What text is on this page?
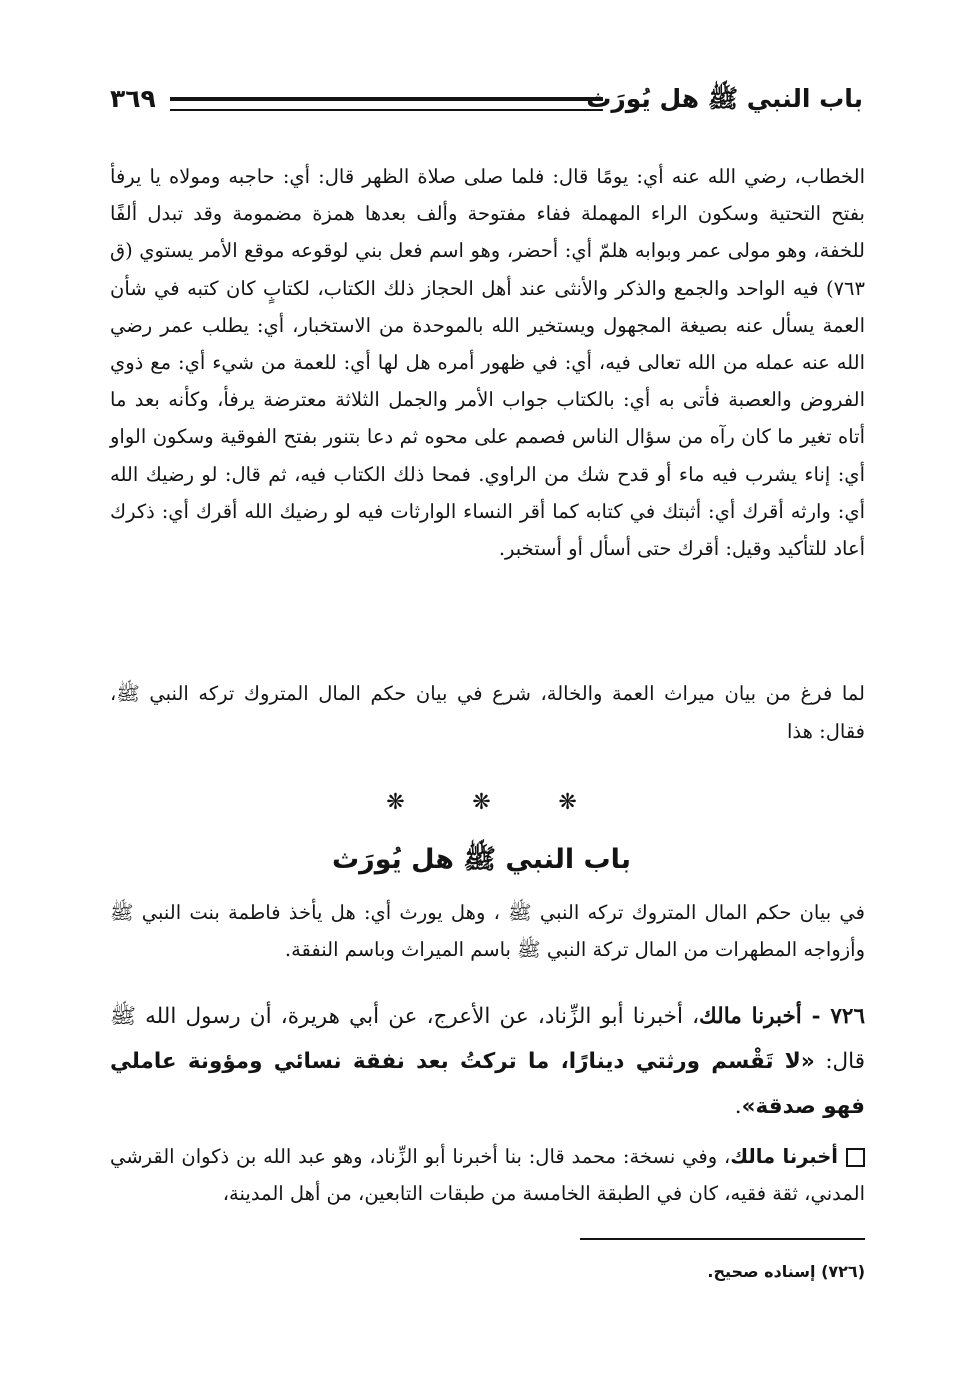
باب النبي ﷺ هل يُورَث
٣٦٩

الخطاب، رضي الله عنه أي: يومًا قال: فلما صلى صلاة الظهر قال: أي: حاجبه ومولاه يا يرفأ بفتح التحتية وسكون الراء المهملة ففاء مفتوحة وألف بعدها همزة مضمومة وقد تبدل ألفًا للخفة، وهو مولى عمر وبوابه هلمّ أي: أحضر، وهو اسم فعل بني لوقوعه موقع الأمر يستوي (ق ٧٦٣) فيه الواحد والجمع والذكر والأنثى عند أهل الحجاز ذلك الكتاب، لكتابٍ كان كتبه في شأن العمة يسأل عنه بصيغة المجهول ويستخير الله بالموحدة من الاستخبار، أي: يطلب عمر رضي الله عنه عمله من الله تعالى فيه، أي: في ظهور أمره هل لها أي: للعمة من شيء أي: مع ذوي الفروض والعصبة فأتى به أي: بالكتاب جواب الأمر والجمل الثلاثة معترضة يرفأ، وكأنه بعد ما أتاه تغير ما كان رآه من سؤال الناس فصمم على محوه ثم دعا بتنور بفتح الفوقية وسكون الواو أي: إناء يشرب فيه ماء أو قدح شك من الراوي. فمحا ذلك الكتاب فيه، ثم قال: لو رضيك الله أي: وارثه أقرك أي: أثبتك في كتابه كما أقر النساء الوارثات فيه لو رضيك الله أقرك أي: ذكرك أعاد للتأكيد وقيل: أقرك حتى أسأل أو أستخبر.

لما فرغ من بيان ميراث العمة والخالة، شرع في بيان حكم المال المتروك تركه النبي ﷺ، فقال: هذا

❋ ❋ ❋
باب النبي ﷺ هل يُورَث

في بيان حكم المال المتروك تركه النبي ﷺ ، وهل يورث أي: هل يأخذ فاطمة بنت النبي ﷺ وأزواجه المطهرات من المال تركة النبي ﷺ باسم الميراث وباسم النفقة.

٧٢٦ - أخبرنا مالك، أخبرنا أبو الزِّناد، عن الأعرج، عن أبي هريرة، أن رسول الله ﷺ قال: «لا تَقْسم ورثتي دينارًا، ما تركتُ بعد نفقة نسائي ومؤونة عاملي فهو صدقة».

أخبرنا مالك، وفي نسخة: محمد قال: بنا أخبرنا أبو الزِّناد، وهو عبد الله بن ذكوان القرشي المدني، ثقة فقيه، كان في الطبقة الخامسة من طبقات التابعين، من أهل المدينة،

(٧٢٦) إسناده صحيح.
